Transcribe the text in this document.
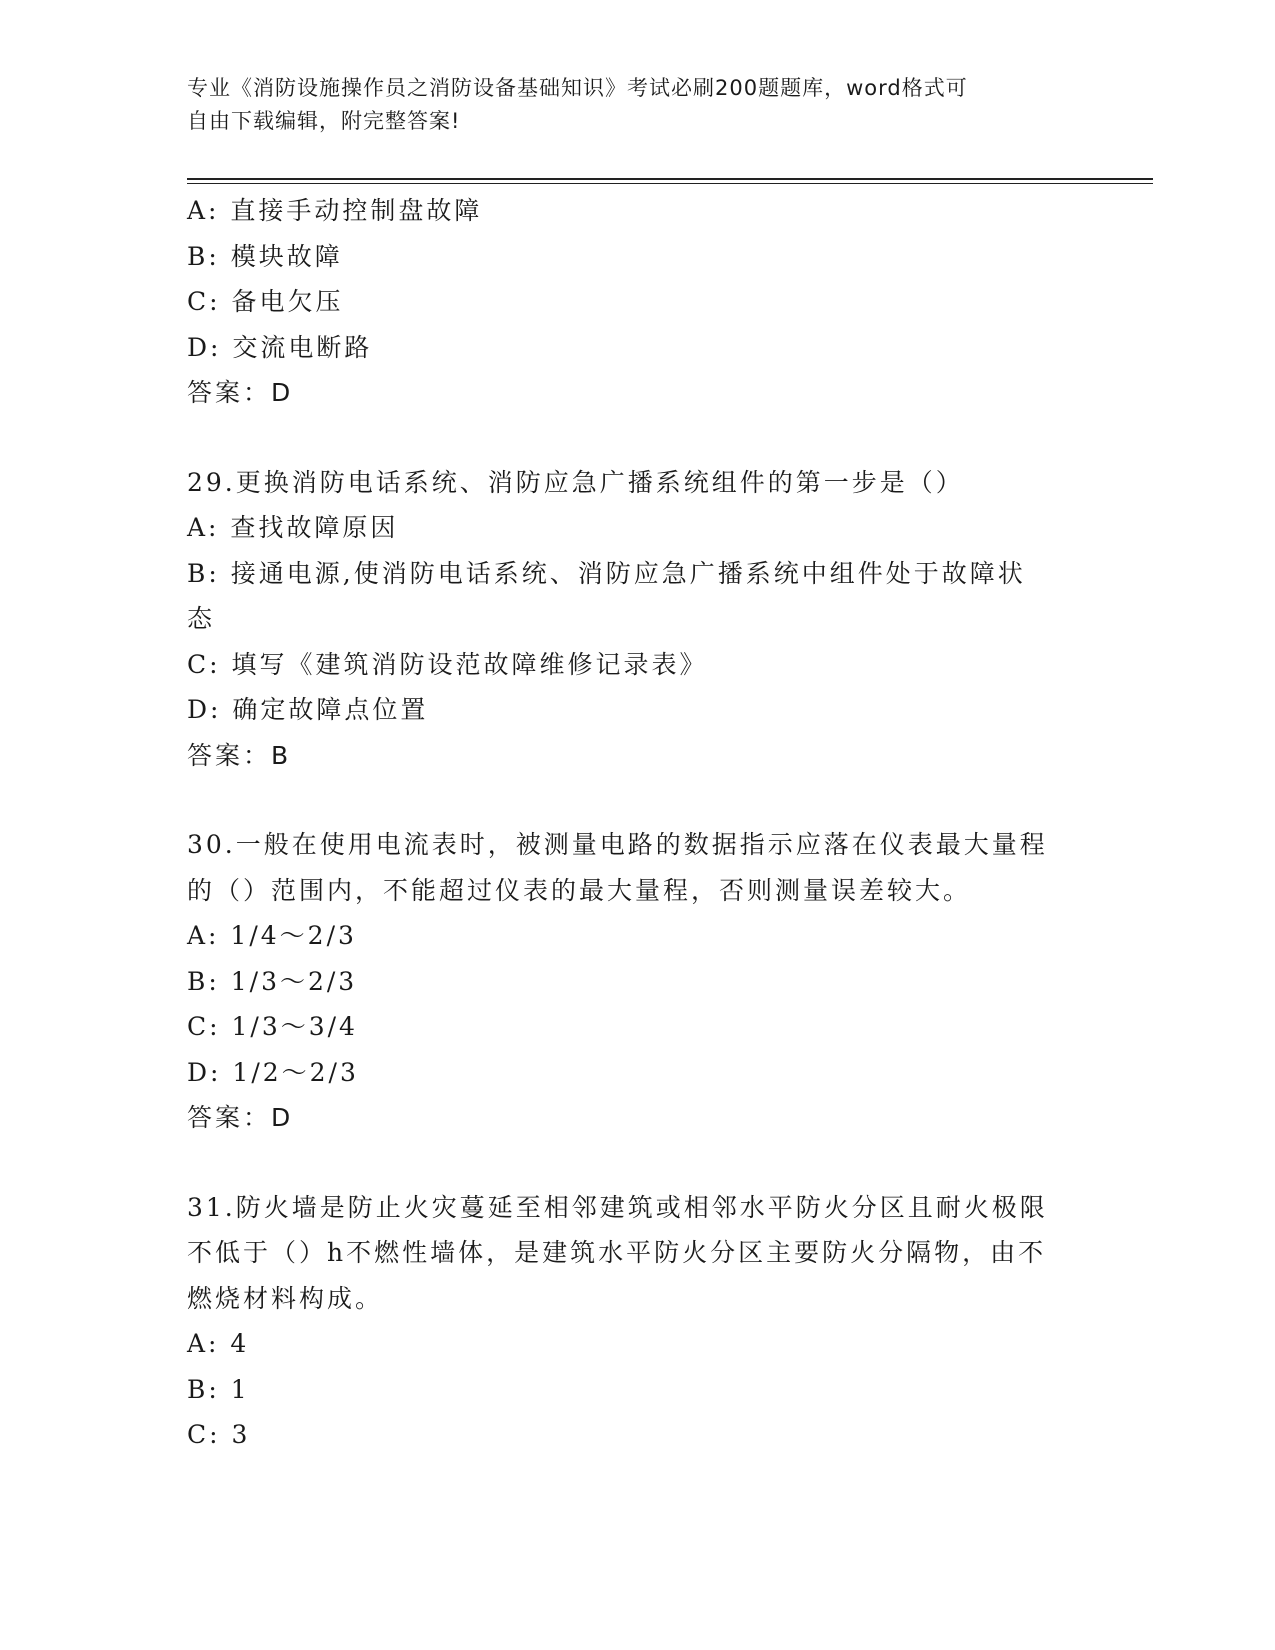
专业《消防设施操作员之消防设备基础知识》考试必刷200题题库，word格式可
自由下载编辑，附完整答案!
A: 直接手动控制盘故障
B: 模块故障
C: 备电欠压
D: 交流电断路
答案：D
29.更换消防电话系统、消防应急广播系统组件的第一步是（）
A: 查找故障原因
B: 接通电源,使消防电话系统、消防应急广播系统中组件处于故障状
态
C: 填写《建筑消防设范故障维修记录表》
D: 确定故障点位置
答案：B
30.一般在使用电流表时，被测量电路的数据指示应落在仪表最大量程
的（）范围内，不能超过仪表的最大量程，否则测量误差较大。
A: 1/4～2/3
B: 1/3～2/3
C: 1/3～3/4
D: 1/2～2/3
答案：D
31.防火墙是防止火灾蔓延至相邻建筑或相邻水平防火分区且耐火极限
不低于（）h不燃性墙体，是建筑水平防火分区主要防火分隔物，由不
燃烧材料构成。
A: 4
B: 1
C: 3
